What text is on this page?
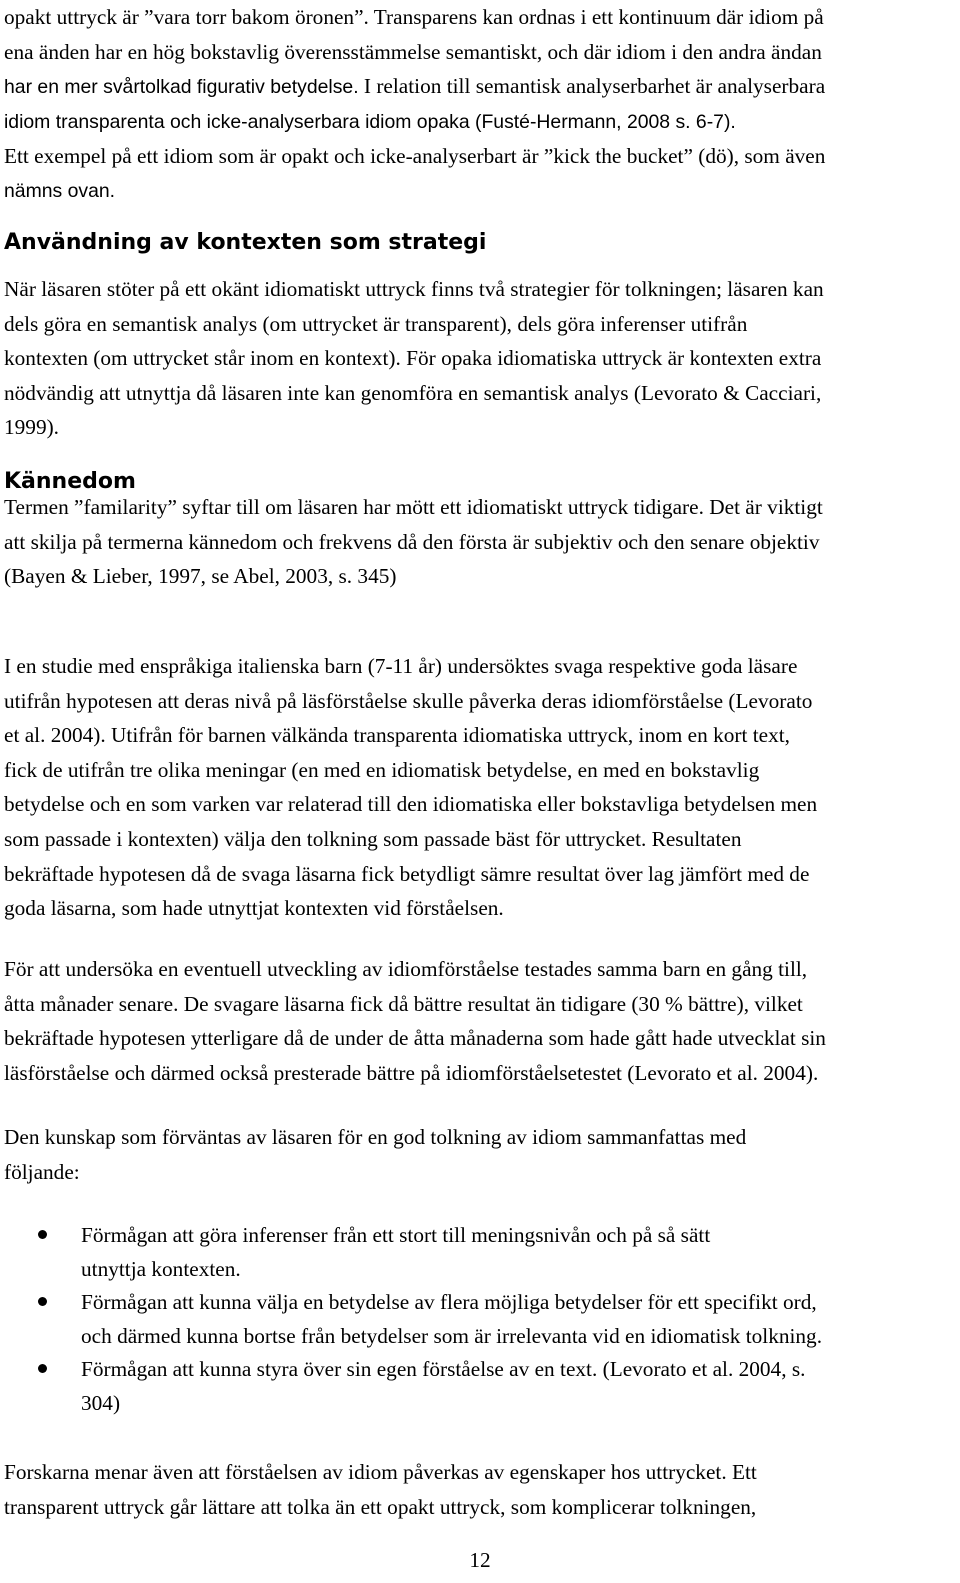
opakt uttryck är ”vara torr bakom öronen”. Transparens kan ordnas i ett kontinuum där idiom på
ena änden har en hög bokstavlig överensstämmelse semantiskt, och där idiom i den andra ändan
har en mer svårtolkad figurativ betydelse. I relation till semantisk analyserbarhet är analyserbara
idiom transparenta och icke-analyserbara idiom opaka (Fusté-Hermann, 2008 s. 6-7).
Ett exempel på ett idiom som är opakt och icke-analyserbart är ”kick the bucket” (dö), som även
nämns ovan.
Användning av kontexten som strategi
När läsaren stöter på ett okänt idiomatiskt uttryck finns två strategier för tolkningen; läsaren kan
dels göra en semantisk analys (om uttrycket är transparent), dels göra inferenser utifrån
kontexten (om uttrycket står inom en kontext). För opaka idiomatiska uttryck är kontexten extra
nödvändig att utnyttja då läsaren inte kan genomföra en semantisk analys (Levorato & Cacciari,
1999).
Kännedom
Termen ”familarity” syftar till om läsaren har mött ett idiomatiskt uttryck tidigare. Det är viktigt
att skilja på termerna kännedom och frekvens då den första är subjektiv och den senare objektiv
(Bayen & Lieber, 1997, se Abel, 2003, s. 345)
I en studie med enspråkiga italienska barn (7-11 år) undersöktes svaga respektive goda läsare
utifrån hypotesen att deras nivå på läsförståelse skulle påverka deras idiomförståelse (Levorato
et al. 2004). Utifrån för barnen välkända transparenta idiomatiska uttryck, inom en kort text,
fick de utifrån tre olika meningar (en med en idiomatisk betydelse, en med en bokstavlig
betydelse och en som varken var relaterad till den idiomatiska eller bokstavliga betydelsen men
som passade i kontexten) välja den tolkning som passade bäst för uttrycket. Resultaten
bekräftade hypotesen då de svaga läsarna fick betydligt sämre resultat över lag jämfört med de
goda läsarna, som hade utnyttjat kontexten vid förståelsen.
För att undersöka en eventuell utveckling av idiomförståelse testades samma barn en gång till,
åtta månader senare. De svagare läsarna fick då bättre resultat än tidigare (30 % bättre), vilket
bekräftade hypotesen ytterligare då de under de åtta månaderna som hade gått hade utvecklat sin
läsförståelse och därmed också presterade bättre på idiomförståelsetestet (Levorato et al. 2004).
Den kunskap som förväntas av läsaren för en god tolkning av idiom sammanfattas med
följande:
Förmågan att göra inferenser från ett stort till meningsnivån och på så sätt
utnyttja kontexten.
Förmågan att kunna välja en betydelse av flera möjliga betydelser för ett specifikt ord,
och därmed kunna bortse från betydelser som är irrelevanta vid en idiomatisk tolkning.
Förmågan att kunna styra över sin egen förståelse av en text. (Levorato et al. 2004, s.
304)
Forskarna menar även att förståelsen av idiom påverkas av egenskaper hos uttrycket. Ett
transparent uttryck går lättare att tolka än ett opakt uttryck, som komplicerar tolkningen,
12
